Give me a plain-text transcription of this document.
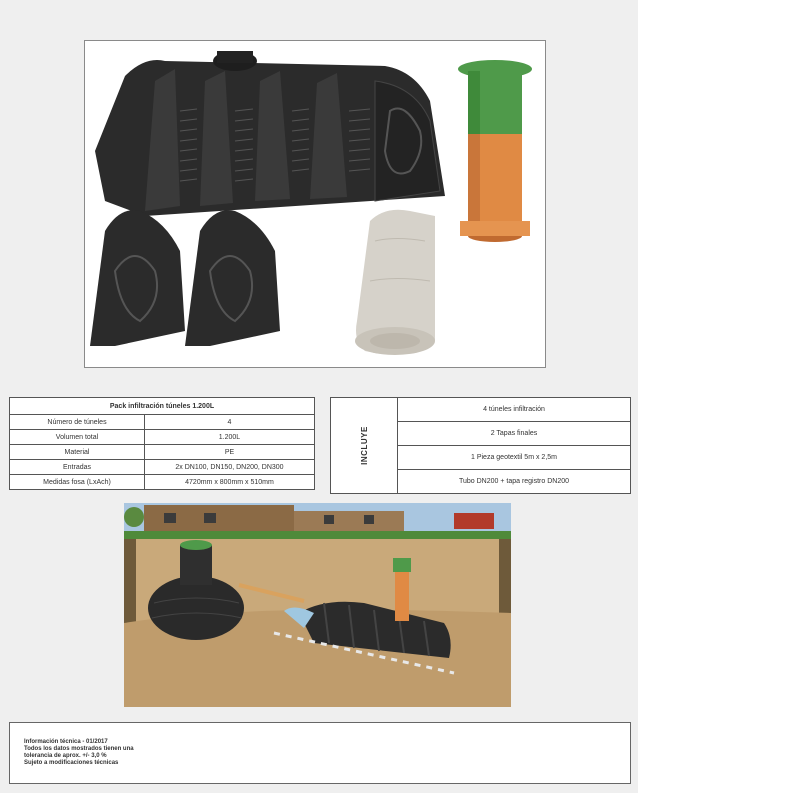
Pack infiltración túneles 1.200L	
Número de túneles	4
Volumen total	1.200L
Material	PE
Entradas	2x DN100, DN150, DN200, DN300
Medidas fosa (LxAch)	4720mm x 800mm x 510mm
INCLUYE
4 túneles infiltración
2 Tapas finales
1 Pieza geotextil 5m x 2,5m
Tubo DN200 + tapa registro DN200
Información técnica - 01/2017
Todos los datos mostrados tienen una
tolerancia de aprox. +/- 3,0 %
Sujeto a modificaciones técnicas
